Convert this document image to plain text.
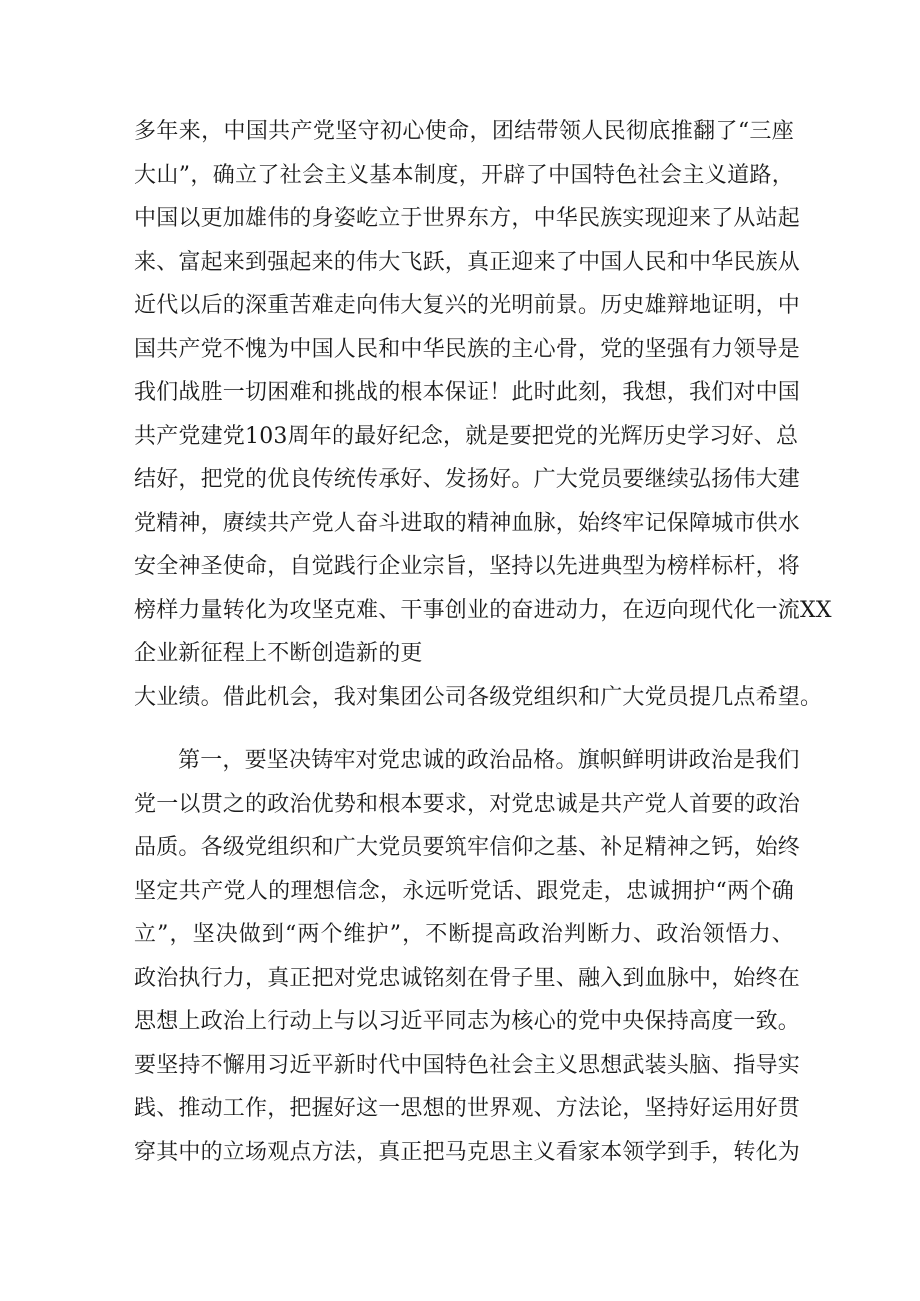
多年来，中国共产党坚守初心使命，团结带领人民彻底推翻了“三座
大山”，确立了社会主义基本制度，开辟了中国特色社会主义道路，
中国以更加雄伟的身姿屹立于世界东方，中华民族实现迎来了从站起
来、富起来到强起来的伟大飞跃，真正迎来了中国人民和中华民族从
近代以后的深重苦难走向伟大复兴的光明前景。历史雄辩地证明，中
国共产党不愧为中国人民和中华民族的主心骨，党的坚强有力领导是
我们战胜一切困难和挑战的根本保证！此时此刻，我想，我们对中国
共产党建党103周年的最好纪念，就是要把党的光辉历史学习好、总
结好，把党的优良传统传承好、发扬好。广大党员要继续弘扬伟大建
党精神，赓续共产党人奋斗进取的精神血脉，始终牢记保障城市供水
安全神圣使命，自觉践行企业宗旨，坚持以先进典型为榜样标杆，将
榜样力量转化为攻坚克难、干事创业的奋进动力，在迈向现代化一流XX
企业新征程上不断创造新的更
大业绩。借此机会，我对集团公司各级党组织和广大党员提几点希望。
第一，要坚决铸牢对党忠诚的政治品格。旗帜鲜明讲政治是我们
党一以贯之的政治优势和根本要求，对党忠诚是共产党人首要的政治
品质。各级党组织和广大党员要筑牢信仰之基、补足精神之钙，始终
坚定共产党人的理想信念，永远听党话、跟党走，忠诚拥护“两个确
立”，坚决做到“两个维护”，不断提高政治判断力、政治领悟力、
政治执行力，真正把对党忠诚铭刻在骨子里、融入到血脉中，始终在
思想上政治上行动上与以习近平同志为核心的党中央保持高度一致。
要坚持不懈用习近平新时代中国特色社会主义思想武装头脑、指导实
践、推动工作，把握好这一思想的世界观、方法论，坚持好运用好贯
穿其中的立场观点方法，真正把马克思主义看家本领学到手，转化为
